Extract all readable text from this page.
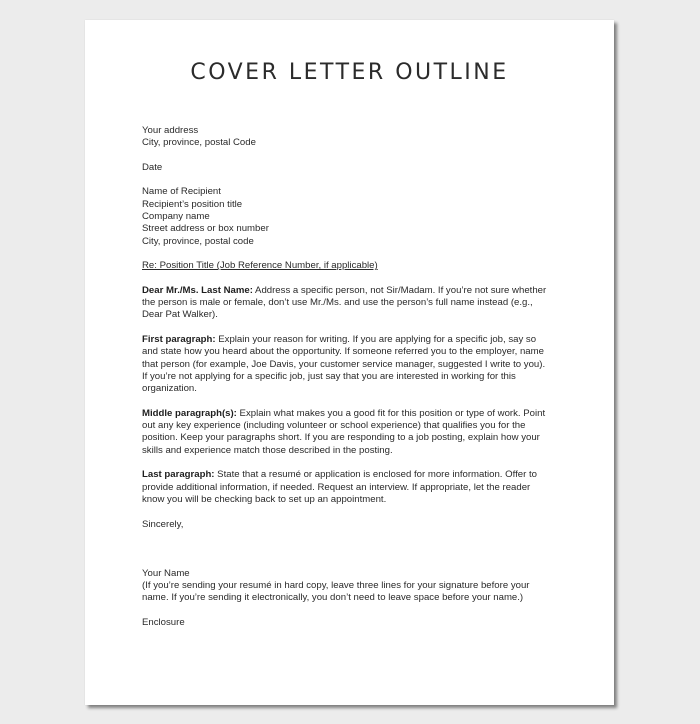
COVER LETTER OUTLINE
Your address
City, province, postal Code
Date
Name of Recipient
Recipient’s position title
Company name
Street address or box number
City, province, postal code
Re: Position Title (Job Reference Number, if applicable)
Dear Mr./Ms. Last Name: Address a specific person, not Sir/Madam. If you’re not sure whether
the person is male or female, don’t use Mr./Ms. and use the person’s full name instead (e.g.,
Dear Pat Walker).
First paragraph: Explain your reason for writing. If you are applying for a specific job, say so
and state how you heard about the opportunity. If someone referred you to the employer, name
that person (for example, Joe Davis, your customer service manager, suggested I write to you).
If you’re not applying for a specific job, just say that you are interested in working for this
organization.
Middle paragraph(s): Explain what makes you a good fit for this position or type of work. Point
out any key experience (including volunteer or school experience) that qualifies you for the
position. Keep your paragraphs short. If you are responding to a job posting, explain how your
skills and experience match those described in the posting.
Last paragraph: State that a resumé or application is enclosed for more information. Offer to
provide additional information, if needed. Request an interview. If appropriate, let the reader
know you will be checking back to set up an appointment.
Sincerely,
Your Name
(If you’re sending your resumé in hard copy, leave three lines for your signature before your
name. If you’re sending it electronically, you don’t need to leave space before your name.)
Enclosure
